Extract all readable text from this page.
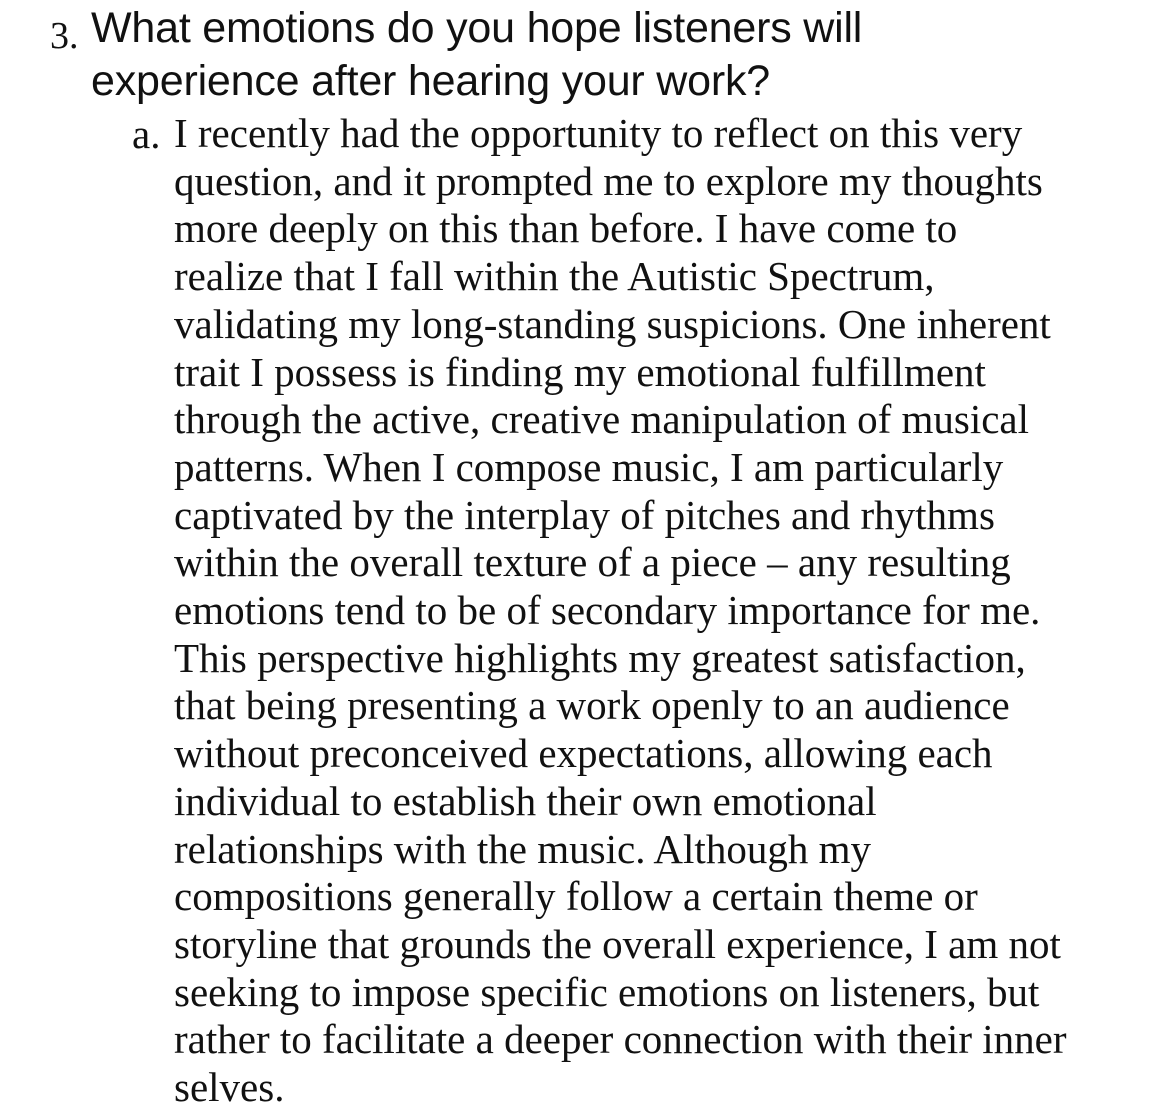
3. What emotions do you hope listeners will
experience after hearing your work?
a. I recently had the opportunity to reflect on this very
question, and it prompted me to explore my thoughts
more deeply on this than before. I have come to
realize that I fall within the Autistic Spectrum,
validating my long-standing suspicions. One inherent
trait I possess is finding my emotional fulfillment
through the active, creative manipulation of musical
patterns. When I compose music, I am particularly
captivated by the interplay of pitches and rhythms
within the overall texture of a piece – any resulting
emotions tend to be of secondary importance for me.
This perspective highlights my greatest satisfaction,
that being presenting a work openly to an audience
without preconceived expectations, allowing each
individual to establish their own emotional
relationships with the music. Although my
compositions generally follow a certain theme or
storyline that grounds the overall experience, I am not
seeking to impose specific emotions on listeners, but
rather to facilitate a deeper connection with their inner
selves.
